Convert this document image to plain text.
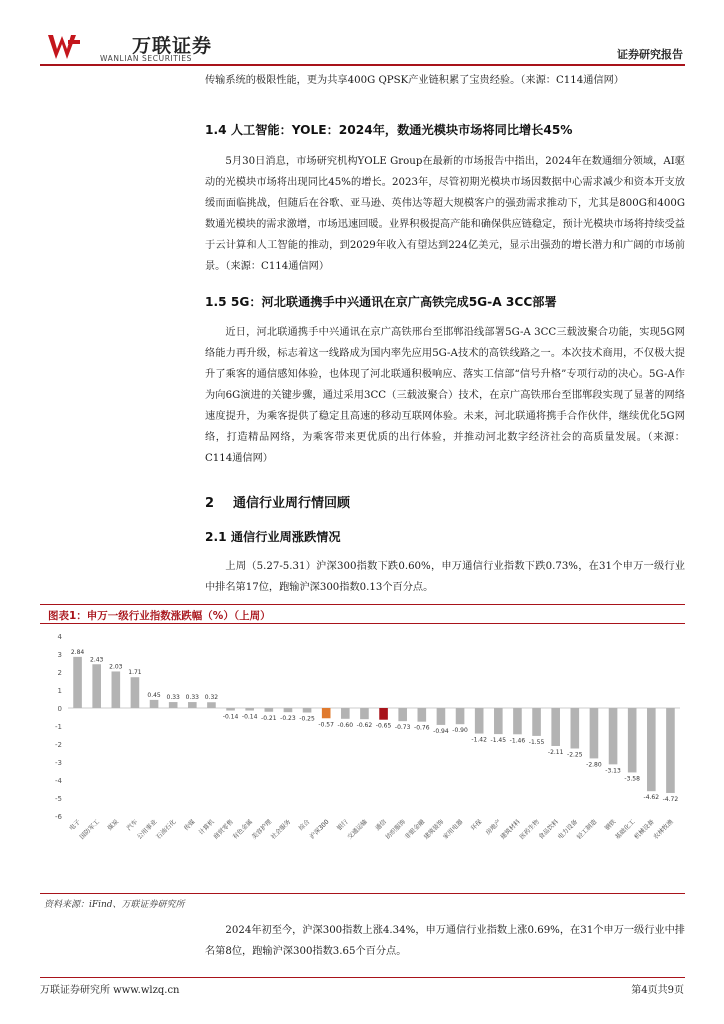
万联证券
WANLIAN SECURITIES	证券研究报告

传输系统的极限性能，更为共享400G QPSK产业链积累了宝贵经验。（来源：C114通信网）

1.4 人工智能：YOLE：2024年，数通光模块市场将同比增长45%

5月30日消息，市场研究机构YOLE Group在最新的市场报告中指出，2024年在数通细分领域，AI驱动的光模块市场将出现同比45%的增长。2023年，尽管初期光模块市场因数据中心需求减少和资本开支放缓而面临挑战，但随后在谷歌、亚马逊、英伟达等超大规模客户的强劲需求推动下，尤其是800G和400G数通光模块的需求激增，市场迅速回暖。业界积极提高产能和确保供应链稳定，预计光模块市场将持续受益于云计算和人工智能的推动，到2029年收入有望达到224亿美元，显示出强劲的增长潜力和广阔的市场前景。（来源：C114通信网）

1.5 5G：河北联通携手中兴通讯在京广高铁完成5G-A 3CC部署

近日，河北联通携手中兴通讯在京广高铁邢台至邯郸沿线部署5G-A 3CC三载波聚合功能，实现5G网络能力再升级，标志着这一线路成为国内率先应用5G-A技术的高铁线路之一。本次技术商用，不仅极大提升了乘客的通信感知体验，也体现了河北联通积极响应、落实工信部“信号升格”专项行动的决心。5G-A作为向6G演进的关键步骤，通过采用3CC（三载波聚合）技术，在京广高铁邢台至邯郸段实现了显著的网络速度提升，为乘客提供了稳定且高速的移动互联网体验。未来，河北联通将携手合作伙伴，继续优化5G网络，打造精品网络，为乘客带来更优质的出行体验，并推动河北数字经济社会的高质量发展。（来源：C114通信网）

2 通信行业周行情回顾
2.1 通信行业周涨跌情况

上周（5.27-5.31）沪深300指数下跌0.60%，申万通信行业指数下跌0.73%，在31个申万一级行业中排名第17位，跑输沪深300指数0.13个百分点。

图表1：申万一级行业指数涨跌幅（%）（上周）
4
3
2
1
0
-1
-2
-3
-4
-5
-6
2.84
电子
2.43
国防军工
2.03
煤炭
1.71
汽车
0.45
公用事业
0.33
石油石化
0.33
传媒
0.32
计算机
-0.14
商贸零售
-0.14
有色金属
-0.21
美容护理
-0.23
社会服务
-0.25
综合
-0.57
沪深300
-0.60
银行
-0.62
交通运输
-0.65
通信
-0.73
纺织服饰
-0.76
非银金融
-0.94
建筑装饰
-0.90
家用电器
-1.42
环保
-1.45
房地产
-1.46
建筑材料
-1.55
医药生物
-2.11
食品饮料
-2.25
电力设备
-2.80
轻工制造
-3.13
钢铁
-3.58
基础化工
-4.62
机械设备
-4.72
农林牧渔
资料来源：iFind、万联证券研究所

2024年初至今，沪深300指数上涨4.34%，申万通信行业指数上涨0.69%，在31个申万一级行业中排名第8位，跑输沪深300指数3.65个百分点。

万联证券研究所 www.wlzq.cn	第4页共9页
